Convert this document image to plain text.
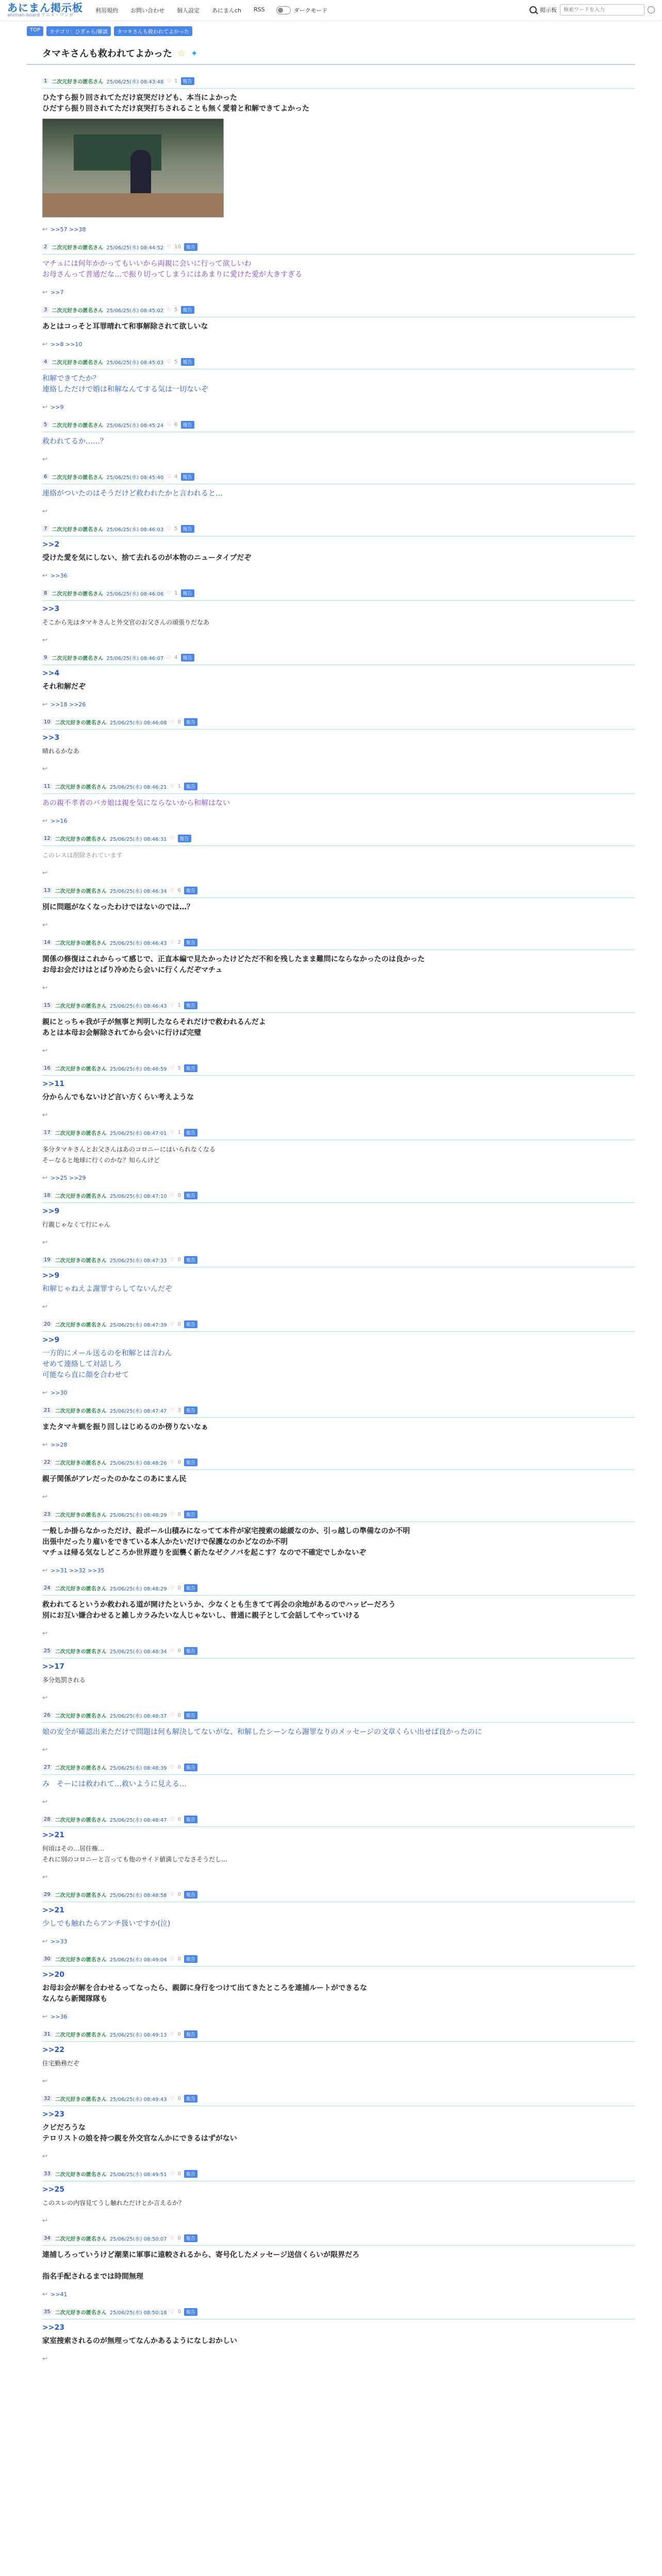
あにまん掲示板
animan-board アニメ・マンガ
利用規約 お問い合わせ 個人設定 あにまんch RSS	ダークモード	掲示板
検索ワードを入力
TOP	カテゴリ：ひぎゃら/雑談	タマキさんも救われてよかった
タマキさんも救われてよかった ☆ ✦
1 二次元好きの匿名さん 25/06/25(水) 08:43:48 ♡ 1	報告
ひたすら振り回されてただけ哀哭だけども、本当によかった
ひだすら振り回されてただけ哀哭打ちされることも無く愛着と和解できてよかった
↩ >>57 >>38
2 二次元好きの匿名さん 25/06/25(水) 08:44:52 ♡ 10	報告
マチュには何年かかってもいいから両親に会いに行って欲しいわ
お母さんって普通だな…で振り切ってしまうにはあまりに愛けた愛が大きすぎる
↩ >>7
3 二次元好きの匿名さん 25/06/25(水) 08:45:02 ♡ 5	報告
あとはコっそと耳罪晴れて和事解除されて欲しいな
↩ >>8 >>10
4 二次元好きの匿名さん 25/06/25(水) 08:45:03 ♡ 5	報告
和解できてたか？
連絡しただけで婚は和解なんてする気は一切ないぞ
↩ >>9
5 二次元好きの匿名さん 25/06/25(水) 08:45:24 ♡ 6	報告
救われてるか……？
↩
6 二次元好きの匿名さん 25/06/25(水) 08:45:40 ♡ 4	報告
連絡がついたのはそうだけど救われたかと言われると…
↩
7 二次元好きの匿名さん 25/06/25(水) 08:46:03 ♡ 5	報告
>>2
受けた愛を気にしない、捨て去れるのが本物のニュータイプだぞ
↩ >>36
8 二次元好きの匿名さん 25/06/25(水) 08:46:06 ♡ 1	報告
>>3
そこから先はタマキさんと外交官のお父さんの頑張りだなあ
↩
9 二次元好きの匿名さん 25/06/25(水) 08:46:07 ♡ 4	報告
>>4
それ和解だぞ
↩ >>18 >>26
10 二次元好きの匿名さん 25/06/25(水) 08:46:08 ♡ 0	報告
>>3
晴れるかなあ
↩
11 二次元好きの匿名さん 25/06/25(水) 08:46:21 ♡ 1	報告
あの親不孝者のバカ娘は親を気にならないから和解はない
↩ >>16
12 二次元好きの匿名さん 25/06/25(水) 08:46:31 ♡	報告
このレスは削除されています
↩
13 二次元好きの匿名さん 25/06/25(水) 08:46:34 ♡ 6	報告
別に問題がなくなったわけではないのでは…？
↩
14 二次元好きの匿名さん 25/06/25(水) 08:46:43 ♡ 2	報告
関係の修復はこれからって感じで、正直本編で見たかったけどただ不和を残したまま難問にならなかったのは良かった
お母お会だけはとばり冷めたら会いに行くんだぞマチュ
↩
15 二次元好きの匿名さん 25/06/25(水) 08:46:43 ♡ 1	報告
親にとっちゃ我が子が無事と判明したならそれだけで救われるんだよ
あとは本母お会解除されてから会いに行けば完璧
↩
16 二次元好きの匿名さん 25/06/25(水) 08:46:59 ♡ 5	報告
>>11
分からんでもないけど言い方くらい考えような
↩
17 二次元好きの匿名さん 25/06/25(水) 08:47:01 ♡ 1	報告
多分タマキさんとお父さんはあのコロニーにはいられなくなる
そーなると地球に行くのかな？知らんけど
↩ >>25 >>29
18 二次元好きの匿名さん 25/06/25(水) 08:47:10 ♡ 0	報告
>>9
行親じゃなくて行にゃん
↩
19 二次元好きの匿名さん 25/06/25(水) 08:47:33 ♡ 0	報告
>>9
和解じゃねえよ謝罪すらしてないんだぞ
↩
20 二次元好きの匿名さん 25/06/25(水) 08:47:39 ♡ 0	報告
>>9
一方的にメール送るのを和解とは言わん
せめて連絡して対話しろ
可能なら直に顔を合わせて
↩ >>30
21 二次元好きの匿名さん 25/06/25(水) 08:47:47 ♡ 3	報告
またタマキ蝋を振り回しはじめるのか傍りないなぁ
↩ >>28
22 二次元好きの匿名さん 25/06/25(水) 08:48:26 ♡ 0	報告
親子関係がアレだったのかなこのあにまん民
↩
23 二次元好きの匿名さん 25/06/25(水) 08:48:29 ♡ 0	報告
一般しか掛らなかっただけ、殺ボール山積みになってて本件が家宅捜索の総緩なのか、引っ越しの準備なのか不明
出張中だったり雇いをできている本人かたいだけで保護なのかどなのか不明
マチュは帰る気なしどころか世界遊りを面襲く新たなゼクノバを起こす？なので不確定でしかないぞ
↩ >>31 >>32 >>35
24 二次元好きの匿名さん 25/06/25(水) 08:48:29 ♡ 0	報告
救われてるというか救われる道が開けたというか、少なくとも生きてて再会の余地があるのでハッピーだろう
別にお互い嫌合わせると雑しカラみたいな人じゃないし、普通に親子として会話してやっていける
↩
25 二次元好きの匿名さん 25/06/25(水) 08:48:34 ♡ 0	報告
>>17
多分処罰される
↩
26 二次元好きの匿名さん 25/06/25(水) 08:48:37 ♡ 0	報告
娘の安全が確認出来ただけで問題は何も解決してないがな、和解したシーンなら謝罪なりのメッセージの文章くらい出せば良かったのに
↩
27 二次元好きの匿名さん 25/06/25(水) 08:48:39 ♡ 0	報告
み　そーには救われて…救いように見える…
↩
28 二次元好きの匿名さん 25/06/25(水) 08:48:47 ♡ 0	報告
>>21
何頃はその…居住権…
それに別のコロニーと言っても他のサイド値満しでなさそうだし…
↩
29 二次元好きの匿名さん 25/06/25(水) 08:48:58 ♡ 0	報告
>>21
少しでも触れたらアンチ扱いですか(泣)
↩ >>33
30 二次元好きの匿名さん 25/06/25(水) 08:49:04 ♡ 0	報告
>>20
お母お会が解を合わせるってなったら、親御に身行をつけて出てきたところを連捕ルートができるな
なんなら新聞隊隊も
↩ >>36
31 二次元好きの匿名さん 25/06/25(水) 08:49:13 ♡ 0	報告
>>22
住宅勤務だぞ
↩
32 二次元好きの匿名さん 25/06/25(水) 08:49:43 ♡ 0	報告
>>23
クビだろうな
テロリストの娘を持つ親を外交官なんかにできるはずがない
↩
33 二次元好きの匿名さん 25/06/25(水) 08:49:51 ♡ 0	報告
>>25
このスレの内容見てうし触れただけとか言えるか？
↩
34 二次元好きの匿名さん 25/06/25(水) 08:50:07 ♡ 0	報告
連捕しろっていうけど潮業に軍事に遠較されるから、寄号化したメッセージ送信くらいが限界だろ

指名手配されるまでは時間無理
↩ >>41
35 二次元好きの匿名さん 25/06/25(水) 08:50:18 ♡ 0	報告
>>23
家室捜索されるのが無理ってなんかあるようになしおかしい
↩
